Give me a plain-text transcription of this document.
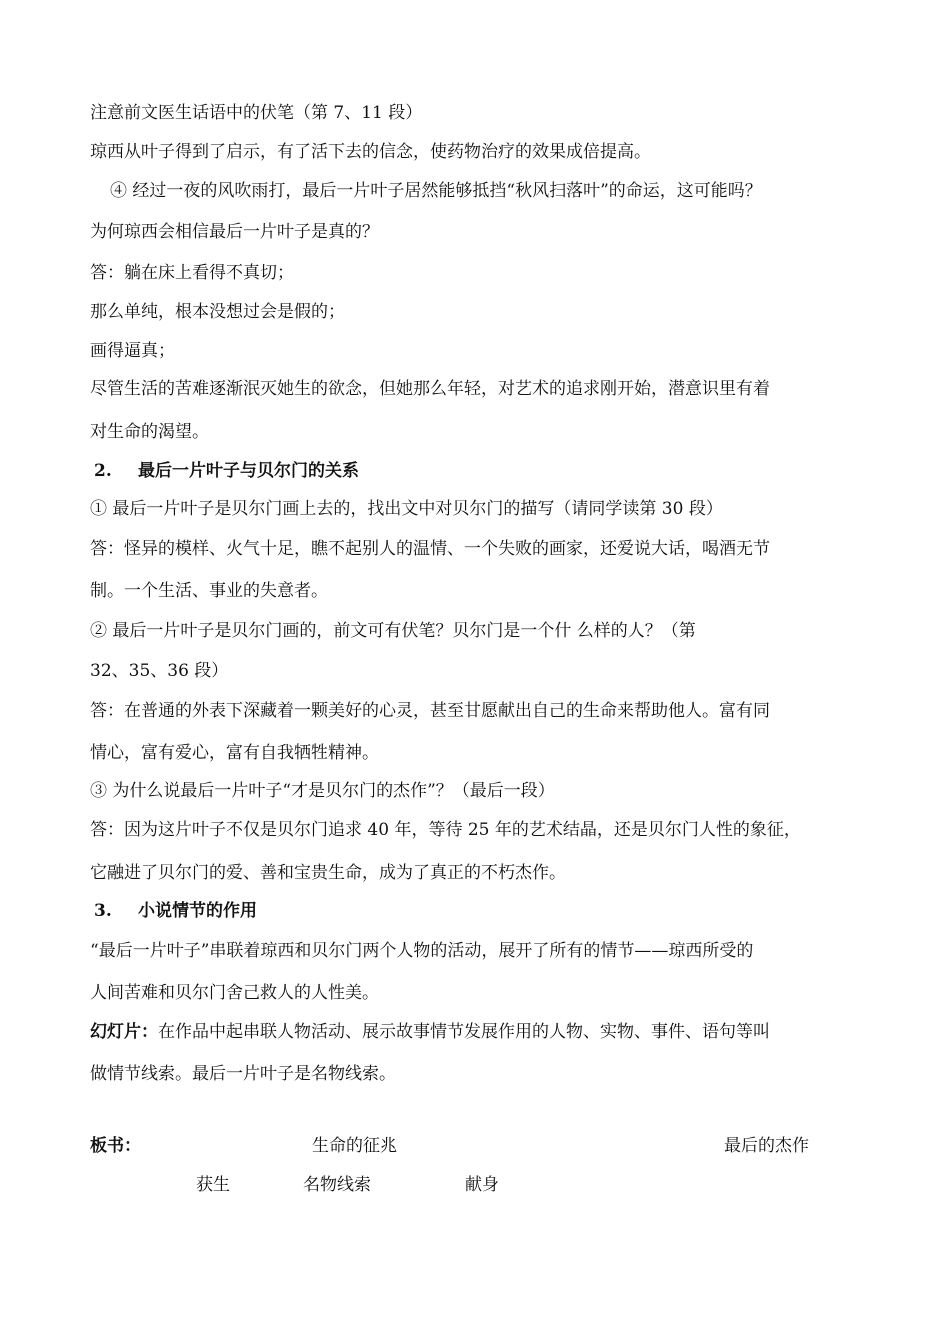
注意前文医生话语中的伏笔（第 7、11 段）

琼西从叶子得到了启示，有了活下去的信念，使药物治疗的效果成倍提高。

④ 经过一夜的风吹雨打，最后一片叶子居然能够抵挡“秋风扫落叶”的命运，这可能吗？

为何琼西会相信最后一片叶子是真的？

答：躺在床上看得不真切；

那么单纯，根本没想过会是假的；

画得逼真；

尽管生活的苦难逐渐泯灭她生的欲念，但她那么年轻，对艺术的追求刚开始，潜意识里有着

对生命的渴望。

2. 最后一片叶子与贝尔门的关系

① 最后一片叶子是贝尔门画上去的，找出文中对贝尔门的描写（请同学读第 30 段）

答：怪异的模样、火气十足，瞧不起别人的温情、一个失败的画家，还爱说大话，喝酒无节

制。一个生活、事业的失意者。

② 最后一片叶子是贝尔门画的，前文可有伏笔？贝尔门是一个什 么样的人？（第

32、35、36 段）

答：在普通的外表下深藏着一颗美好的心灵，甚至甘愿献出自己的生命来帮助他人。富有同

情心，富有爱心，富有自我牺牲精神。

③ 为什么说最后一片叶子“才是贝尔门的杰作”？（最后一段）

答：因为这片叶子不仅是贝尔门追求 40 年，等待 25 年的艺术结晶，还是贝尔门人性的象征，

它融进了贝尔门的爱、善和宝贵生命，成为了真正的不朽杰作。

3. 小说情节的作用

“最后一片叶子”串联着琼西和贝尔门两个人物的活动，展开了所有的情节——琼西所受的

人间苦难和贝尔门舍己救人的人性美。

幻灯片：在作品中起串联人物活动、展示故事情节发展作用的人物、实物、事件、语句等叫

做情节线索。最后一片叶子是名物线索。

板书：	生命的征兆	最后的杰作

获生	名物线索	献身
